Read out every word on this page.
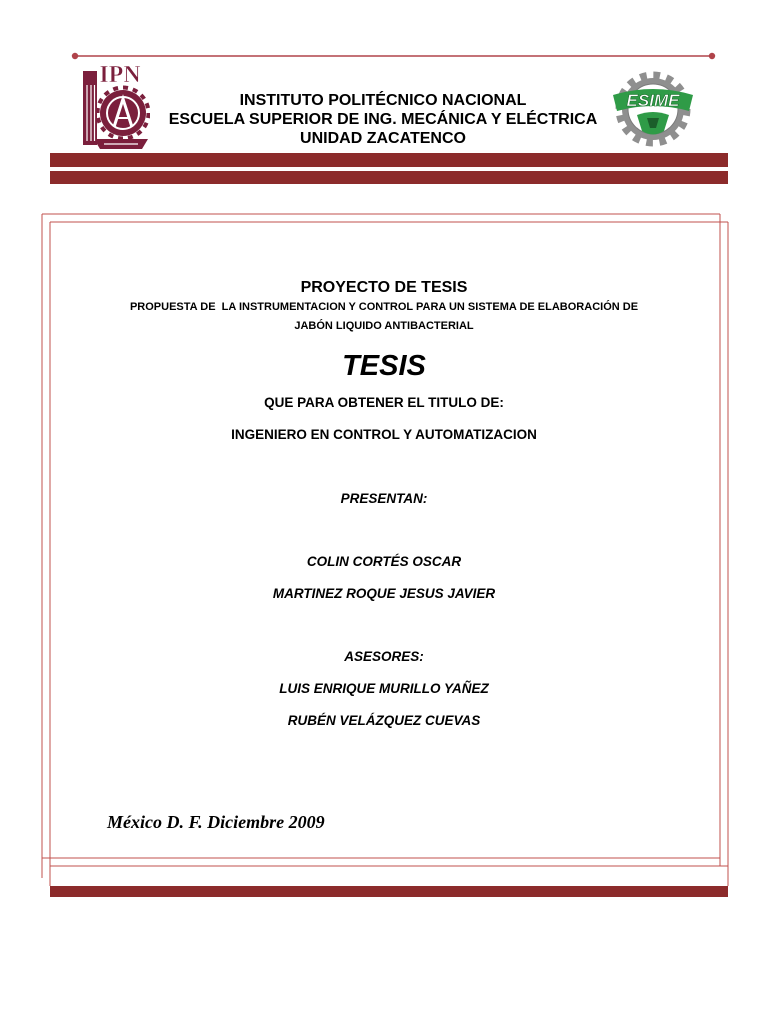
IPN
ESIME
INSTITUTO POLITÉCNICO NACIONAL
ESCUELA SUPERIOR DE ING. MECÁNICA Y ELÉCTRICA
UNIDAD ZACATENCO
PROYECTO DE TESIS
PROPUESTA DE  LA INSTRUMENTACION Y CONTROL PARA UN SISTEMA DE ELABORACIÓN DE
JABÓN LIQUIDO ANTIBACTERIAL
TESIS
QUE PARA OBTENER EL TITULO DE:
INGENIERO EN CONTROL Y AUTOMATIZACION
PRESENTAN:
COLIN CORTÉS OSCAR
MARTINEZ ROQUE JESUS JAVIER
ASESORES:
LUIS ENRIQUE MURILLO YAÑEZ
RUBÉN VELÁZQUEZ CUEVAS
México D. F. Diciembre 2009
